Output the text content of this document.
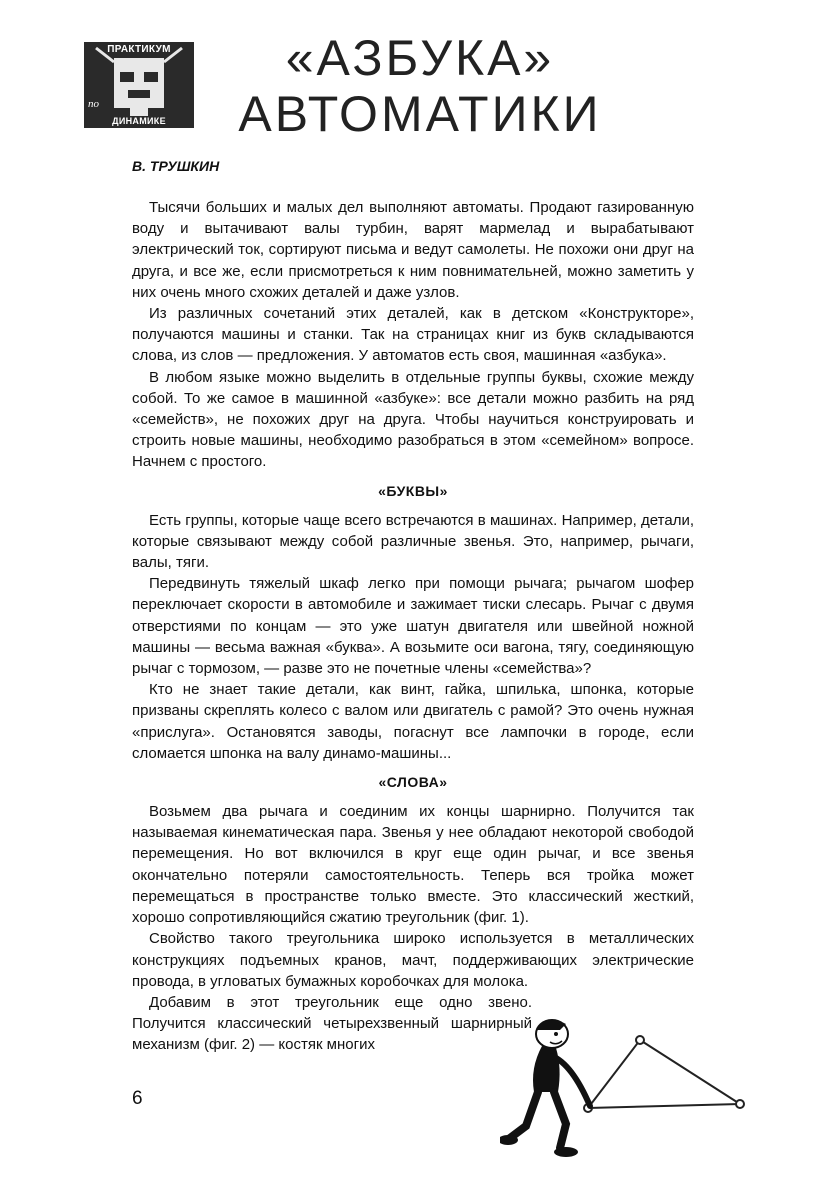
ПРАКТИКУМ
по
ДИНАМИКЕ
«АЗБУКА»
АВТОМАТИКИ
В. ТРУШКИН

Тысячи больших и малых дел выполняют автоматы. Продают газированную воду и вытачивают валы турбин, варят мармелад и вырабатывают электрический ток, сортируют письма и ведут самолеты. Не похожи они друг на друга, и все же, если присмотреться к ним повнимательней, можно заметить у них очень много схожих деталей и даже узлов.

Из различных сочетаний этих деталей, как в детском «Конструкторе», получаются машины и станки. Так на страницах книг из букв складываются слова, из слов — предложения. У автоматов есть своя, машинная «азбука».

В любом языке можно выделить в отдельные группы буквы, схожие между собой. То же самое в машинной «азбуке»: все детали можно разбить на ряд «семейств», не похожих друг на друга. Чтобы научиться конструировать и строить новые машины, необходимо разобраться в этом «семейном» вопросе. Начнем с простого.

«БУКВЫ»

Есть группы, которые чаще всего встречаются в машинах. Например, детали, которые связывают между собой различные звенья. Это, например, рычаги, валы, тяги.

Передвинуть тяжелый шкаф легко при помощи рычага; рычагом шофер переключает скорости в автомобиле и зажимает тиски слесарь. Рычаг с двумя отверстиями по концам — это уже шатун двигателя или швейной ножной машины — весьма важная «буква». А возьмите оси вагона, тягу, соединяющую рычаг с тормозом, — разве это не почетные члены «семейства»?

Кто не знает такие детали, как винт, гайка, шпилька, шпонка, которые призваны скреплять колесо с валом или двигатель с рамой? Это очень нужная «прислуга». Остановятся заводы, погаснут все лампочки в городе, если сломается шпонка на валу динамо-машины...

«СЛОВА»

Возьмем два рычага и соединим их концы шарнирно. Получится так называемая кинематическая пара. Звенья у нее обладают некоторой свободой перемещения. Но вот включился в круг еще один рычаг, и все звенья окончательно потеряли самостоятельность. Теперь вся тройка может перемещаться в пространстве только вместе. Это классический жесткий, хорошо сопротивляющийся сжатию треугольник (фиг. 1).

Свойство такого треугольника широко используется в металлических конструкциях подъемных кранов, мачт, поддерживающих электрические провода, в угловатых бумажных коробочках для молока.

Добавим в этот треугольник еще одно звено. Получится классический четырехзвенный шарнирный механизм (фиг. 2) — костяк многих

6
